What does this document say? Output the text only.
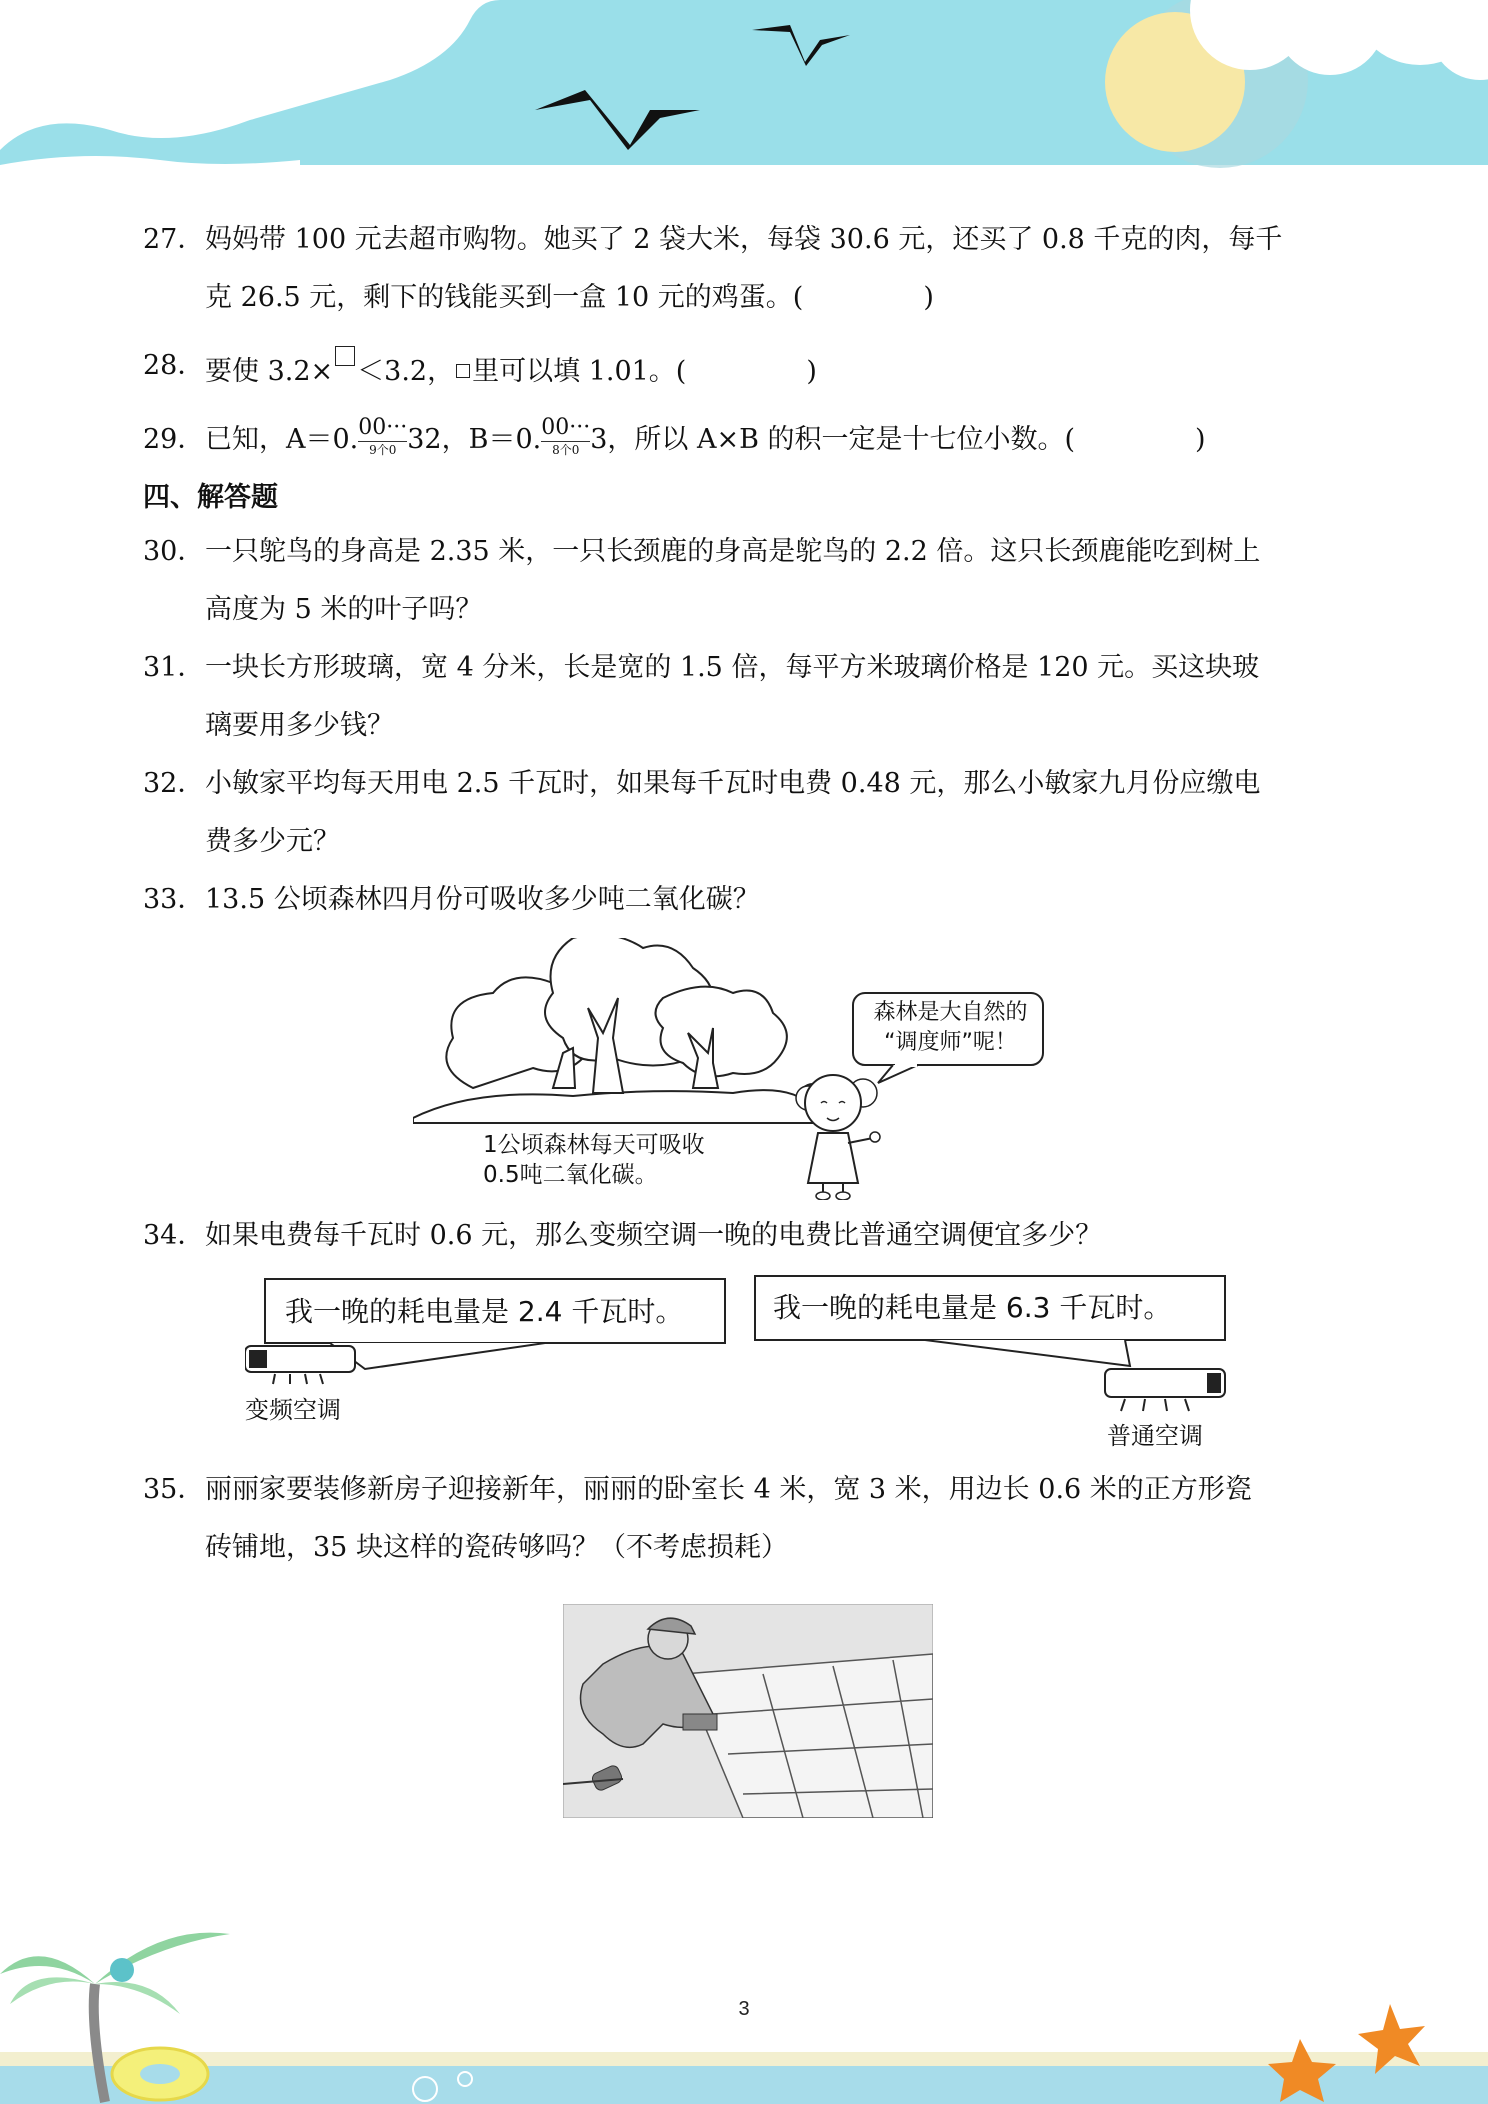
27． 妈妈带 100 元去超市购物。她买了 2 袋大米，每袋 30.6 元，还买了 0.8 千克的肉，每千
克 26.5 元，剩下的钱能买到一盒 10 元的鸡蛋。(	)
28． 要使 3.2× ＜3.2， 里可以填 1.01。(	)
29． 已知，A＝0. $\frac{00\cdot\cdot\cdot}{\text{9个0}} 32$，B＝0. $\frac{00\cdot\cdot\cdot}{\text{8个0}} 3$，所以 A×B 的积一定是十七位小数。(	)
四、解答题
30． 一只鸵鸟的身高是 2.35 米，一只长颈鹿的身高是鸵鸟的 2.2 倍。这只长颈鹿能吃到树上
高度为 5 米的叶子吗？
31． 一块长方形玻璃，宽 4 分米，长是宽的 1.5 倍，每平方米玻璃价格是 120 元。买这块玻
璃要用多少钱？
32． 小敏家平均每天用电 2.5 千瓦时，如果每千瓦时电费 0.48 元，那么小敏家九月份应缴电
费多少元？
33． 13.5 公顷森林四月份可吸收多少吨二氧化碳？
1公顷森林每天可吸收
0.5吨二氧化碳。
森林是大自然的
“调度师”呢！
34． 如果电费每千瓦时 0.6 元，那么变频空调一晚的电费比普通空调便宜多少？
我一晚的耗电量是 2.4 千瓦时。	我一晚的耗电量是 6.3 千瓦时。
变频空调
普通空调
35． 丽丽家要装修新房子迎接新年，丽丽的卧室长 4 米，宽 3 米，用边长 0.6 米的正方形瓷
砖铺地，35 块这样的瓷砖够吗？（不考虑损耗）
3
